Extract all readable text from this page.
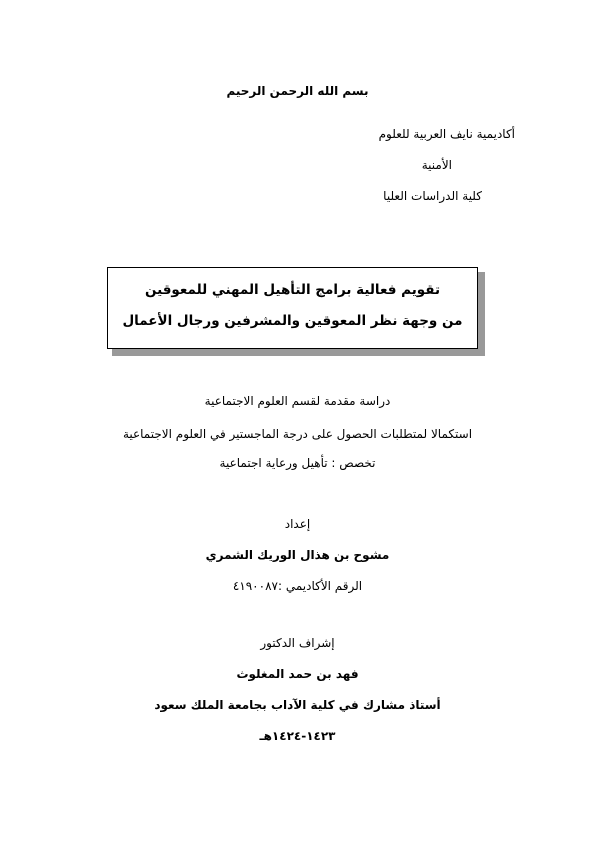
بسم الله الرحمن الرحيم
أكاديمية نايف العربية للعلوم
الأمنية
كلية الدراسات العليا
تقويم فعالية برامج التأهيل المهني للمعوقين
من وجهة نظر المعوقين والمشرفين ورجال الأعمال
دراسة مقدمة لقسم العلوم الاجتماعية
استكمالا لمتطلبات الحصول على درجة الماجستير في العلوم الاجتماعية
تخصص : تأهيل ورعاية اجتماعية
إعداد
مشوح بن هذال الوريك الشمري
الرقم الأكاديمي :٤١٩٠٠٨٧
إشراف الدكتور
فهد بن حمد المغلوث
أستاذ مشارك في كلية الآداب بجامعة الملك سعود
١٤٢٣-١٤٢٤هـ
